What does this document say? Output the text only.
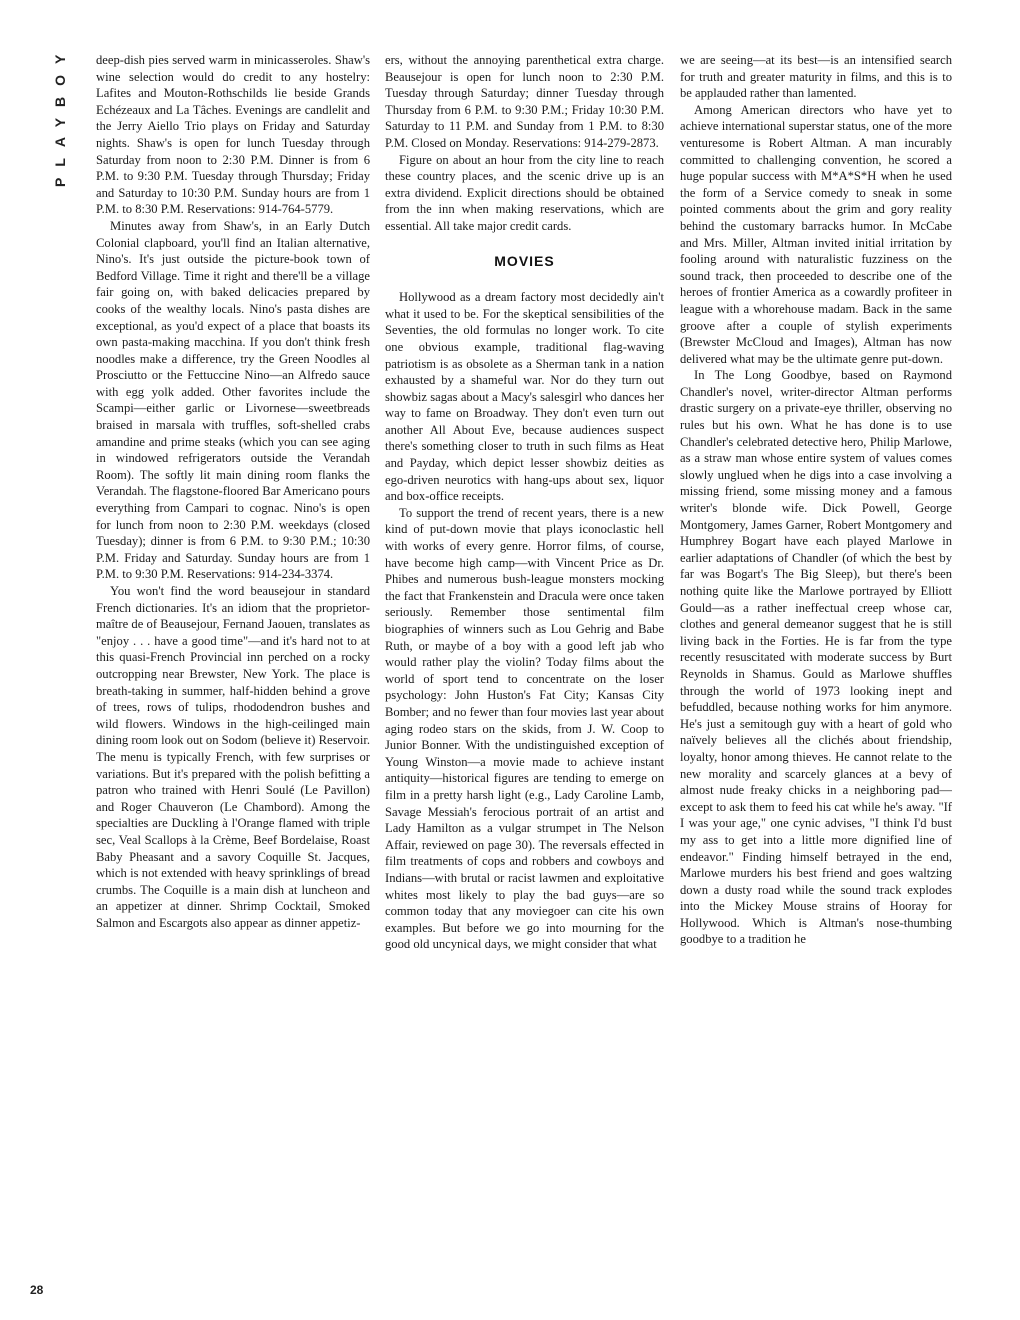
PLAYBOY
28

deep-dish pies served warm in minicasseroles. Shaw's wine selection would do credit to any hostelry: Lafites and Mouton-Rothschilds lie beside Grands Echézeaux and La Tâches. Evenings are candlelit and the Jerry Aiello Trio plays on Friday and Saturday nights. Shaw's is open for lunch Tuesday through Saturday from noon to 2:30 P.M. Dinner is from 6 P.M. to 9:30 P.M. Tuesday through Thursday; Friday and Saturday to 10:30 P.M. Sunday hours are from 1 P.M. to 8:30 P.M. Reservations: 914-764-5779.

Minutes away from Shaw's, in an Early Dutch Colonial clapboard, you'll find an Italian alternative, Nino's. It's just outside the picture-book town of Bedford Village. Time it right and there'll be a village fair going on, with baked delicacies prepared by cooks of the wealthy locals. Nino's pasta dishes are exceptional, as you'd expect of a place that boasts its own pasta-making macchina. If you don't think fresh noodles make a difference, try the Green Noodles al Prosciutto or the Fettuccine Nino—an Alfredo sauce with egg yolk added. Other favorites include the Scampi—either garlic or Livornese—sweetbreads braised in marsala with truffles, soft-shelled crabs amandine and prime steaks (which you can see aging in windowed refrigerators outside the Verandah Room). The softly lit main dining room flanks the Verandah. The flagstone-floored Bar Americano pours everything from Campari to cognac. Nino's is open for lunch from noon to 2:30 P.M. weekdays (closed Tuesday); dinner is from 6 P.M. to 9:30 P.M.; 10:30 P.M. Friday and Saturday. Sunday hours are from 1 P.M. to 9:30 P.M. Reservations: 914-234-3374.

You won't find the word beausejour in standard French dictionaries. It's an idiom that the proprietor-maître de of Beausejour, Fernand Jaouen, translates as "enjoy . . . have a good time"—and it's hard not to at this quasi-French Provincial inn perched on a rocky outcropping near Brewster, New York. The place is breath-taking in summer, half-hidden behind a grove of trees, rows of tulips, rhododendron bushes and wild flowers. Windows in the high-ceilinged main dining room look out on Sodom (believe it) Reservoir. The menu is typically French, with few surprises or variations. But it's prepared with the polish befitting a patron who trained with Henri Soulé (Le Pavillon) and Roger Chauveron (Le Chambord). Among the specialties are Duckling à l'Orange flamed with triple sec, Veal Scallops à la Crème, Beef Bordelaise, Roast Baby Pheasant and a savory Coquille St. Jacques, which is not extended with heavy sprinklings of bread crumbs. The Coquille is a main dish at luncheon and an appetizer at dinner. Shrimp Cocktail, Smoked Salmon and Escargots also appear as dinner appetiz-

ers, without the annoying parenthetical extra charge. Beausejour is open for lunch noon to 2:30 P.M. Tuesday through Saturday; dinner Tuesday through Thursday from 6 P.M. to 9:30 P.M.; Friday 10:30 P.M. Saturday to 11 P.M. and Sunday from 1 P.M. to 8:30 P.M. Closed on Monday. Reservations: 914-279-2873.

Figure on about an hour from the city line to reach these country places, and the scenic drive up is an extra dividend. Explicit directions should be obtained from the inn when making reservations, which are essential. All take major credit cards.

MOVIES

Hollywood as a dream factory most decidedly ain't what it used to be. For the skeptical sensibilities of the Seventies, the old formulas no longer work. To cite one obvious example, traditional flag-waving patriotism is as obsolete as a Sherman tank in a nation exhausted by a shameful war. Nor do they turn out showbiz sagas about a Macy's salesgirl who dances her way to fame on Broadway. They don't even turn out another All About Eve, because audiences suspect there's something closer to truth in such films as Heat and Payday, which depict lesser showbiz deities as ego-driven neurotics with hang-ups about sex, liquor and box-office receipts.

To support the trend of recent years, there is a new kind of put-down movie that plays iconoclastic hell with works of every genre. Horror films, of course, have become high camp—with Vincent Price as Dr. Phibes and numerous bush-league monsters mocking the fact that Frankenstein and Dracula were once taken seriously. Remember those sentimental film biographies of winners such as Lou Gehrig and Babe Ruth, or maybe of a boy with a good left jab who would rather play the violin? Today films about the world of sport tend to concentrate on the loser psychology: John Huston's Fat City; Kansas City Bomber; and no fewer than four movies last year about aging rodeo stars on the skids, from J. W. Coop to Junior Bonner. With the undistinguished exception of Young Winston—a movie made to achieve instant antiquity—historical figures are tending to emerge on film in a pretty harsh light (e.g., Lady Caroline Lamb, Savage Messiah's ferocious portrait of an artist and Lady Hamilton as a vulgar strumpet in The Nelson Affair, reviewed on page 30). The reversals effected in film treatments of cops and robbers and cowboys and Indians—with brutal or racist lawmen and exploitative whites most likely to play the bad guys—are so common today that any moviegoer can cite his own examples. But before we go into mourning for the good old uncynical days, we might consider that what

we are seeing—at its best—is an intensified search for truth and greater maturity in films, and this is to be applauded rather than lamented.

Among American directors who have yet to achieve international superstar status, one of the more venturesome is Robert Altman. A man incurably committed to challenging convention, he scored a huge popular success with M*A*S*H when he used the form of a Service comedy to sneak in some pointed comments about the grim and gory reality behind the customary barracks humor. In McCabe and Mrs. Miller, Altman invited initial irritation by fooling around with naturalistic fuzziness on the sound track, then proceeded to describe one of the heroes of frontier America as a cowardly profiteer in league with a whorehouse madam. Back in the same groove after a couple of stylish experiments (Brewster McCloud and Images), Altman has now delivered what may be the ultimate genre put-down.

In The Long Goodbye, based on Raymond Chandler's novel, writer-director Altman performs drastic surgery on a private-eye thriller, observing no rules but his own. What he has done is to use Chandler's celebrated detective hero, Philip Marlowe, as a straw man whose entire system of values comes slowly unglued when he digs into a case involving a missing friend, some missing money and a famous writer's blonde wife. Dick Powell, George Montgomery, James Garner, Robert Montgomery and Humphrey Bogart have each played Marlowe in earlier adaptations of Chandler (of which the best by far was Bogart's The Big Sleep), but there's been nothing quite like the Marlowe portrayed by Elliott Gould—as a rather ineffectual creep whose car, clothes and general demeanor suggest that he is still living back in the Forties. He is far from the type recently resuscitated with moderate success by Burt Reynolds in Shamus. Gould as Marlowe shuffles through the world of 1973 looking inept and befuddled, because nothing works for him anymore. He's just a semitough guy with a heart of gold who naïvely believes all the clichés about friendship, loyalty, honor among thieves. He cannot relate to the new morality and scarcely glances at a bevy of almost nude freaky chicks in a neighboring pad—except to ask them to feed his cat while he's away. "If I was your age," one cynic advises, "I think I'd bust my ass to get into a little more dignified line of endeavor." Finding himself betrayed in the end, Marlowe murders his best friend and goes waltzing down a dusty road while the sound track explodes into the Mickey Mouse strains of Hooray for Hollywood. Which is Altman's nose-thumbing goodbye to a tradition he
